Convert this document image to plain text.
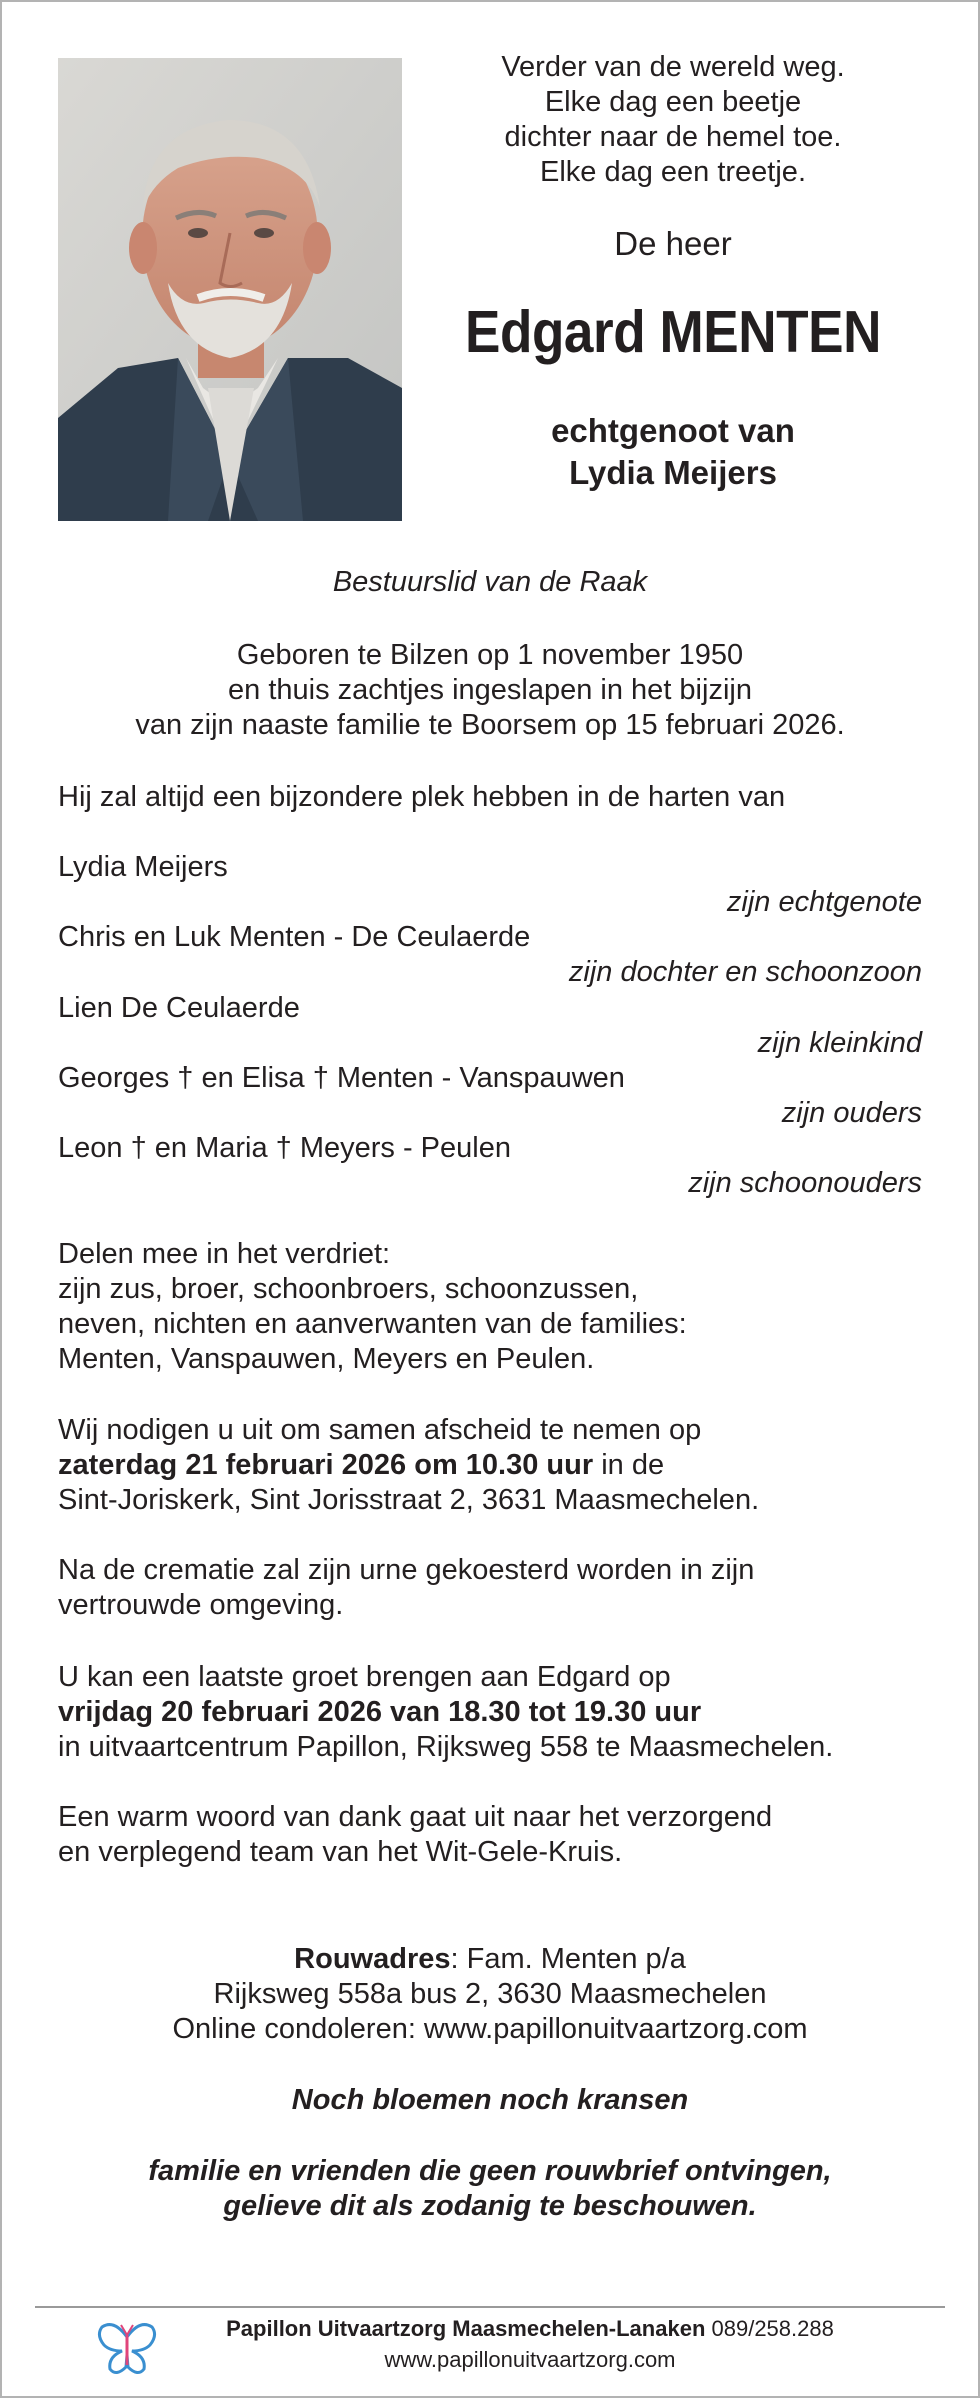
Verder van de wereld weg.
Elke dag een beetje
dichter naar de hemel toe.
Elke dag een treetje.
De heer
Edgard MENTEN
echtgenoot van
Lydia Meijers
Bestuurslid van de Raak
Geboren te Bilzen op 1 november 1950
en thuis zachtjes ingeslapen in het bijzijn
van zijn naaste familie te Boorsem op 15 februari 2026.
Hij zal altijd een bijzondere plek hebben in de harten van
Lydia Meijers
zijn echtgenote
Chris en Luk Menten - De Ceulaerde
zijn dochter en schoonzoon
Lien De Ceulaerde
zijn kleinkind
Georges † en Elisa † Menten - Vanspauwen
zijn ouders
Leon † en Maria † Meyers - Peulen
zijn schoonouders
Delen mee in het verdriet:
zijn zus, broer, schoonbroers, schoonzussen,
neven, nichten en aanverwanten van de families:
Menten, Vanspauwen, Meyers en Peulen.
Wij nodigen u uit om samen afscheid te nemen op
zaterdag 21 februari 2026 om 10.30 uur in de
Sint-Joriskerk, Sint Jorisstraat 2, 3631 Maasmechelen.
Na de crematie zal zijn urne gekoesterd worden in zijn
vertrouwde omgeving.
U kan een laatste groet brengen aan Edgard op
vrijdag 20 februari 2026 van 18.30 tot 19.30 uur
in uitvaartcentrum Papillon, Rijksweg 558 te Maasmechelen.
Een warm woord van dank gaat uit naar het verzorgend
en verplegend team van het Wit-Gele-Kruis.
Rouwadres: Fam. Menten p/a
Rijksweg 558a bus 2, 3630 Maasmechelen
Online condoleren: www.papillonuitvaartzorg.com
Noch bloemen noch kransen
familie en vrienden die geen rouwbrief ontvingen,
gelieve dit als zodanig te beschouwen.
Papillon Uitvaartzorg Maasmechelen-Lanaken 089/258.288
www.papillonuitvaartzorg.com
